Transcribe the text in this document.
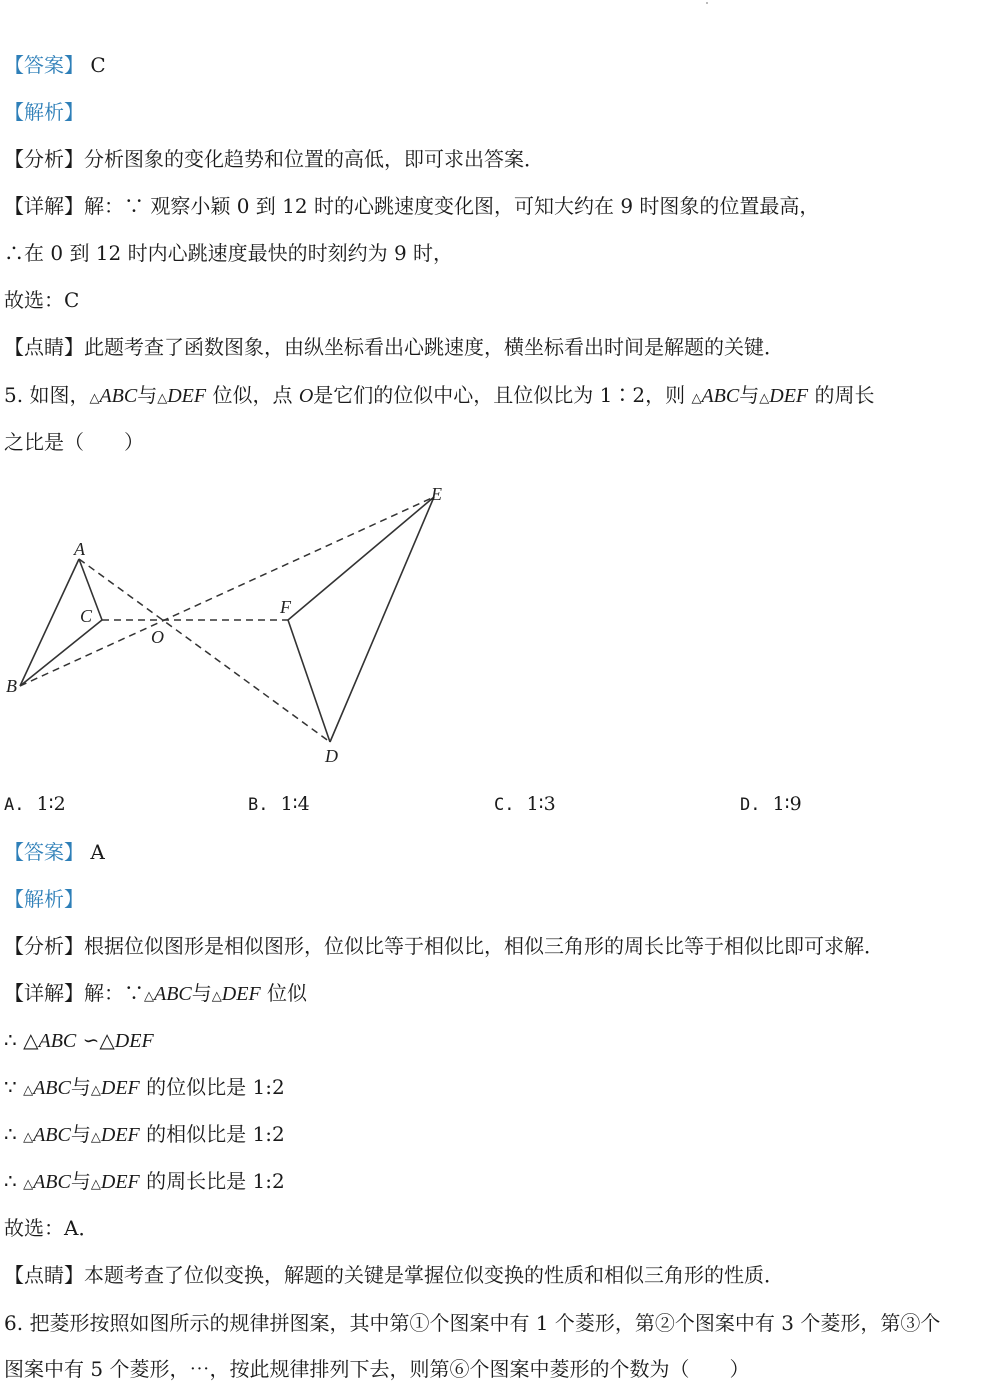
【答案】 C
【解析】
【分析】分析图象的变化趋势和位置的高低，即可求出答案．
【详解】解：∵ 观察小颖 0 到 12 时的心跳速度变化图，可知大约在 9 时图象的位置最高，
∴在 0 到 12 时内心跳速度最快的时刻约为 9 时，
故选：C
【点睛】此题考查了函数图象，由纵坐标看出心跳速度，横坐标看出时间是解题的关键．
5. 如图，△ABC与△DEF 位似，点 O是它们的位似中心，且位似比为 1∶2，则 △ABC与△DEF 的周长
之比是（　　）
A
B
C
O
D
E
F
A. 1∶2	B. 1∶4	C. 1∶3	D. 1∶9
【答案】 A
【解析】
【分析】根据位似图形是相似图形，位似比等于相似比，相似三角形的周长比等于相似比即可求解．
【详解】解：∵△ABC与△DEF 位似
∴ △ABC ∽△DEF
∵ △ABC与△DEF 的位似比是 1:2
∴ △ABC与△DEF 的相似比是 1:2
∴ △ABC与△DEF 的周长比是 1:2
故选：A．
【点睛】本题考查了位似变换，解题的关键是掌握位似变换的性质和相似三角形的性质．
6. 把菱形按照如图所示的规律拼图案，其中第①个图案中有 1 个菱形，第②个图案中有 3 个菱形，第③个
图案中有 5 个菱形，⋯，按此规律排列下去，则第⑥个图案中菱形的个数为（　　）
